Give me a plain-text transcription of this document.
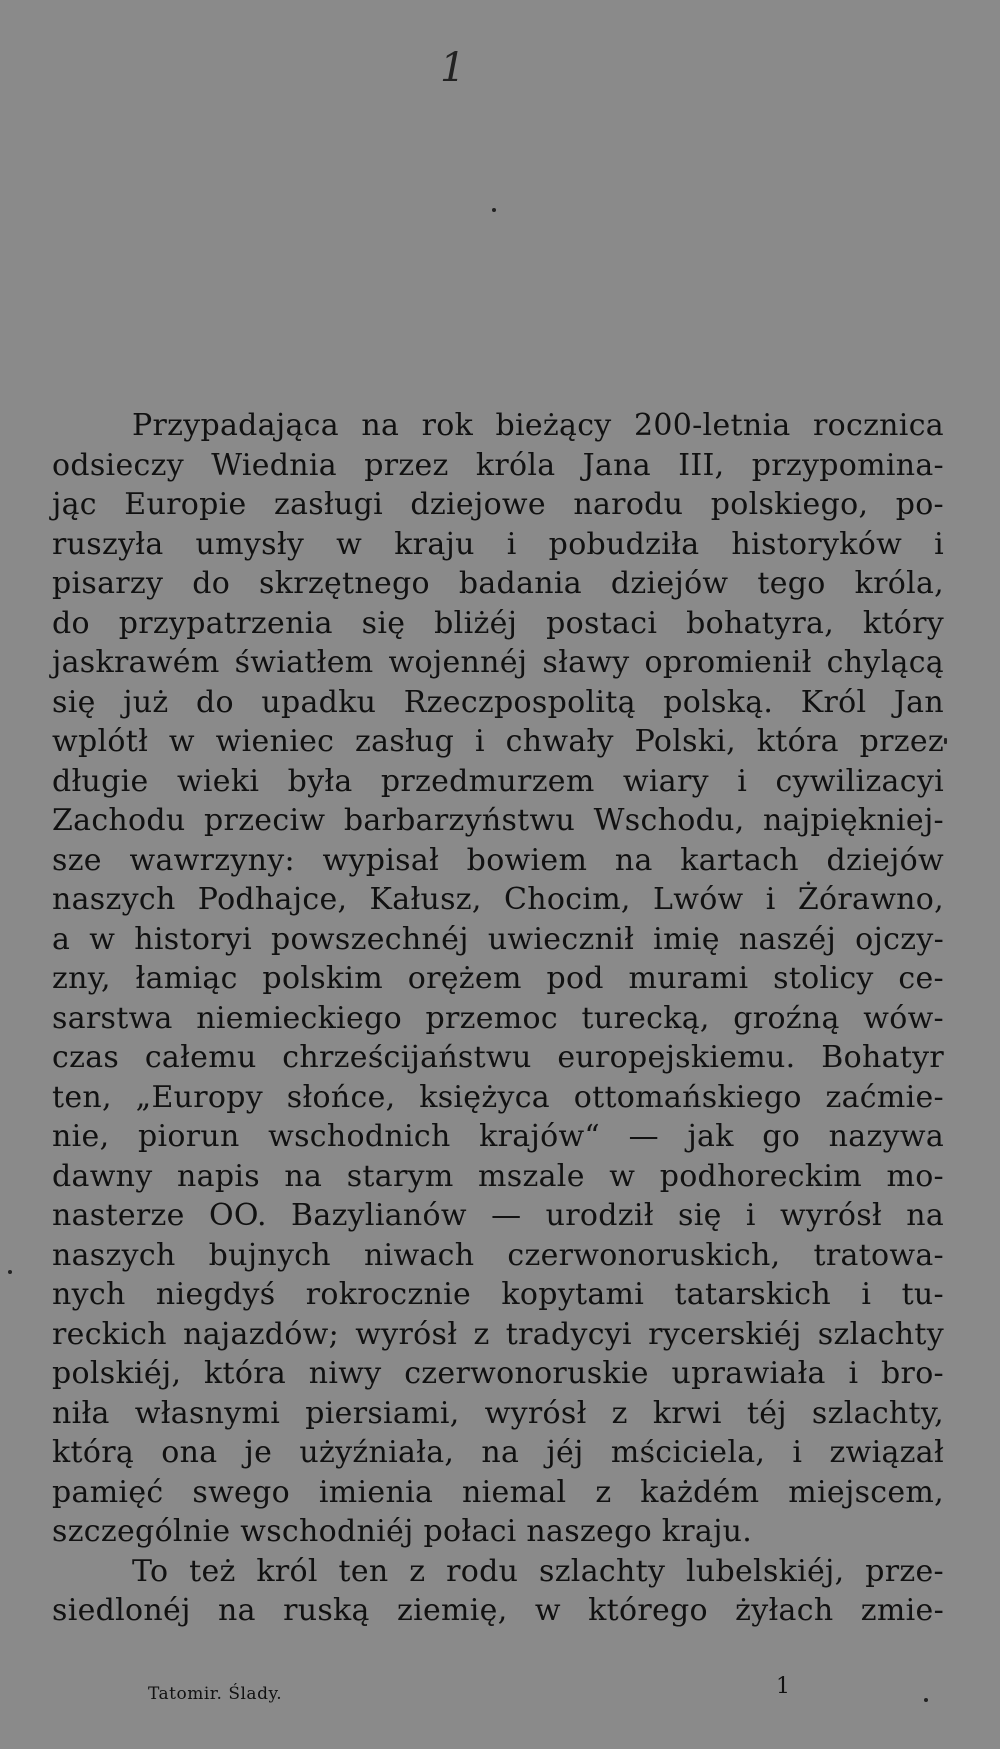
1
Przypadająca na rok bieżący 200-letnia rocznica
odsieczy Wiednia przez króla Jana III, przypomina-
jąc Europie zasługi dziejowe narodu polskiego, po-
ruszyła umysły w kraju i pobudziła historyków i
pisarzy do skrzętnego badania dziejów tego króla,
do przypatrzenia się bliżéj postaci bohatyra, który
jaskrawém światłem wojennéj sławy opromienił chylącą
się już do upadku Rzeczpospolitą polską. Król Jan
wplótł w wieniec zasług i chwały Polski, która przez
długie wieki była przedmurzem wiary i cywilizacyi
Zachodu przeciw barbarzyństwu Wschodu, najpiękniej-
sze wawrzyny: wypisał bowiem na kartach dziejów
naszych Podhajce, Kałusz, Chocim, Lwów i Żórawno,
a w historyi powszechnéj uwiecznił imię naszéj ojczy-
zny, łamiąc polskim orężem pod murami stolicy ce-
sarstwa niemieckiego przemoc turecką, groźną wów-
czas całemu chrześcijaństwu europejskiemu. Bohatyr
ten, „Europy słońce, księżyca ottomańskiego zaćmie-
nie, piorun wschodnich krajów“ — jak go nazywa
dawny napis na starym mszale w podhoreckim mo-
nasterze OO. Bazylianów — urodził się i wyrósł na
naszych bujnych niwach czerwonoruskich, tratowa-
nych niegdyś rokrocznie kopytami tatarskich i tu-
reckich najazdów; wyrósł z tradycyi rycerskiéj szlachty
polskiéj, która niwy czerwonoruskie uprawiała i bro-
niła własnymi piersiami, wyrósł z krwi téj szlachty,
którą ona je użyźniała, na jéj mściciela, i związał
pamięć swego imienia niemal z każdém miejscem,
szczególnie wschodniéj połaci naszego kraju.
To też król ten z rodu szlachty lubelskiéj, prze-
siedlonéj na ruską ziemię, w którego żyłach zmie-
Tatomir. Ślady.	1
